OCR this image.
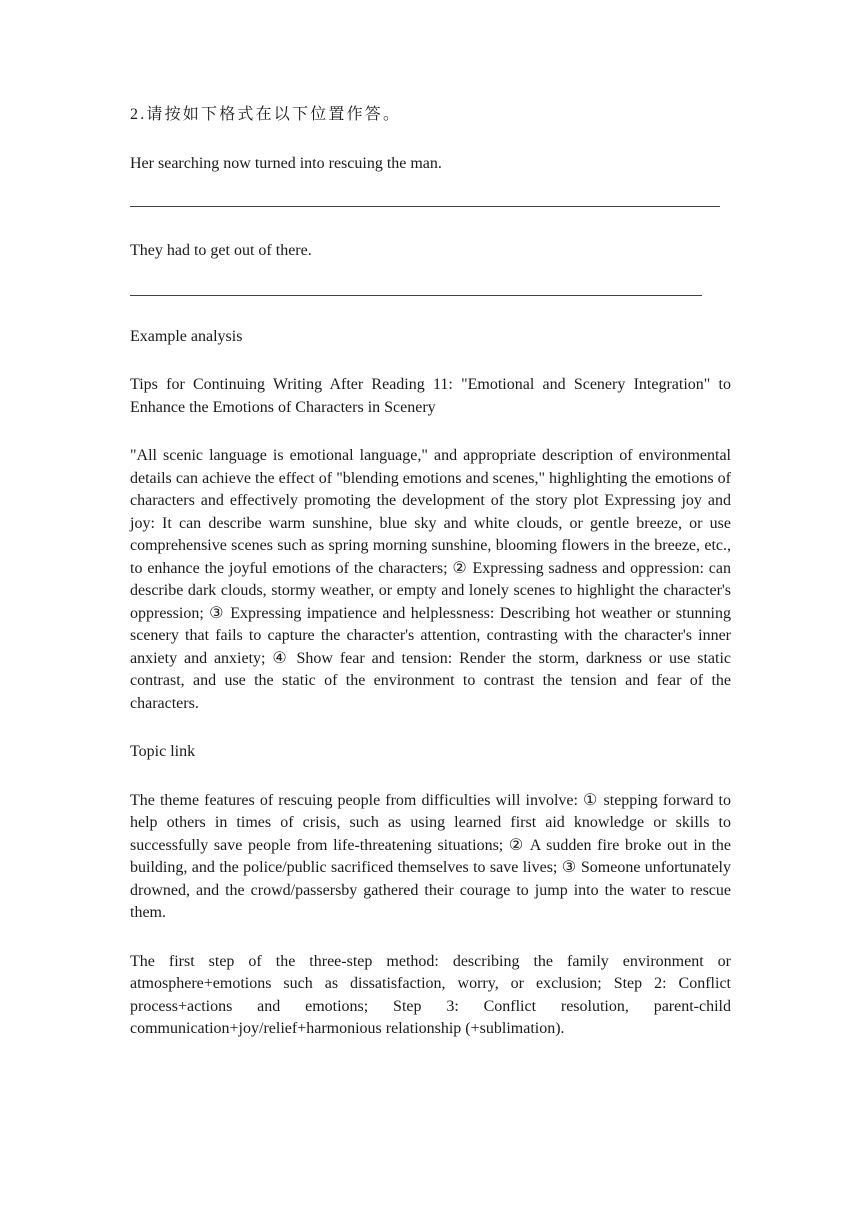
2.请按如下格式在以下位置作答。

Her searching now turned into rescuing the man.

They had to get out of there.

Example analysis

Tips for Continuing Writing After Reading 11: "Emotional and Scenery Integration" to Enhance the Emotions of Characters in Scenery

"All scenic language is emotional language," and appropriate description of environmental details can achieve the effect of "blending emotions and scenes," highlighting the emotions of characters and effectively promoting the development of the story plot Expressing joy and joy: It can describe warm sunshine, blue sky and white clouds, or gentle breeze, or use comprehensive scenes such as spring morning sunshine, blooming flowers in the breeze, etc., to enhance the joyful emotions of the characters; ② Expressing sadness and oppression: can describe dark clouds, stormy weather, or empty and lonely scenes to highlight the character's oppression; ③ Expressing impatience and helplessness: Describing hot weather or stunning scenery that fails to capture the character's attention, contrasting with the character's inner anxiety and anxiety; ④ Show fear and tension: Render the storm, darkness or use static contrast, and use the static of the environment to contrast the tension and fear of the characters.

Topic link

The theme features of rescuing people from difficulties will involve: ① stepping forward to help others in times of crisis, such as using learned first aid knowledge or skills to successfully save people from life-threatening situations; ② A sudden fire broke out in the building, and the police/public sacrificed themselves to save lives; ③ Someone unfortunately drowned, and the crowd/passersby gathered their courage to jump into the water to rescue them.

The first step of the three-step method: describing the family environment or atmosphere+emotions such as dissatisfaction, worry, or exclusion; Step 2: Conflict process+actions and emotions; Step 3: Conflict resolution, parent-child communication+joy/relief+harmonious relationship (+sublimation).
